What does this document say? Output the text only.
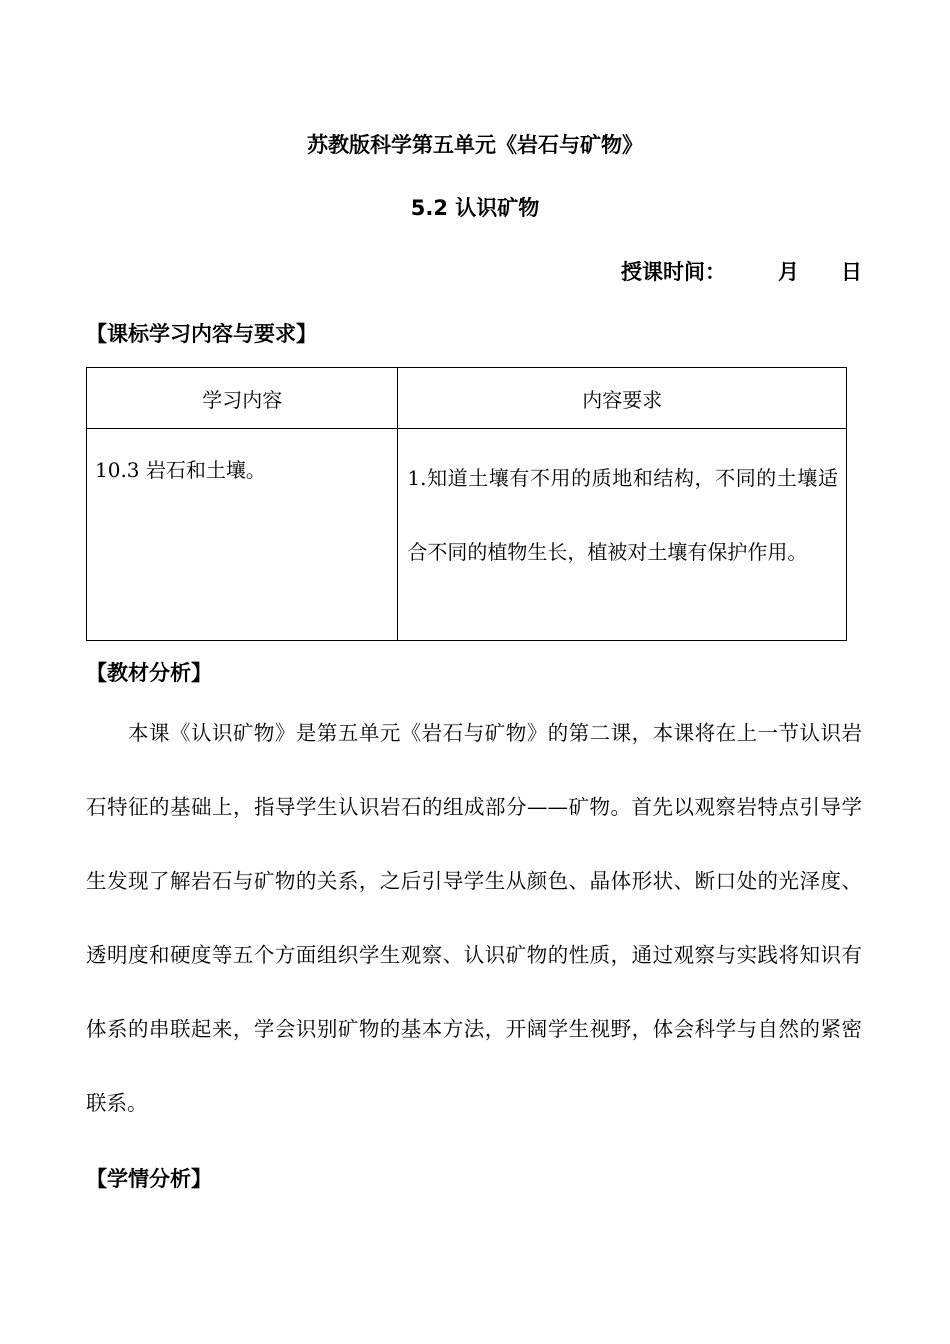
苏教版科学第五单元《岩石与矿物》
5.2 认识矿物
授课时间： 月 日
【课标学习内容与要求】
学习内容	内容要求
10.3 岩石和土壤。	1.知道土壤有不用的质地和结构，不同的土壤适合不同的植物生长，植被对土壤有保护作用。
【教材分析】

本课《认识矿物》是第五单元《岩石与矿物》的第二课，本课将在上一节认识岩石特征的基础上，指导学生认识岩石的组成部分——矿物。首先以观察岩特点引导学生发现了解岩石与矿物的关系，之后引导学生从颜色、晶体形状、断口处的光泽度、透明度和硬度等五个方面组织学生观察、认识矿物的性质，通过观察与实践将知识有体系的串联起来，学会识别矿物的基本方法，开阔学生视野，体会科学与自然的紧密联系。

【学情分析】
